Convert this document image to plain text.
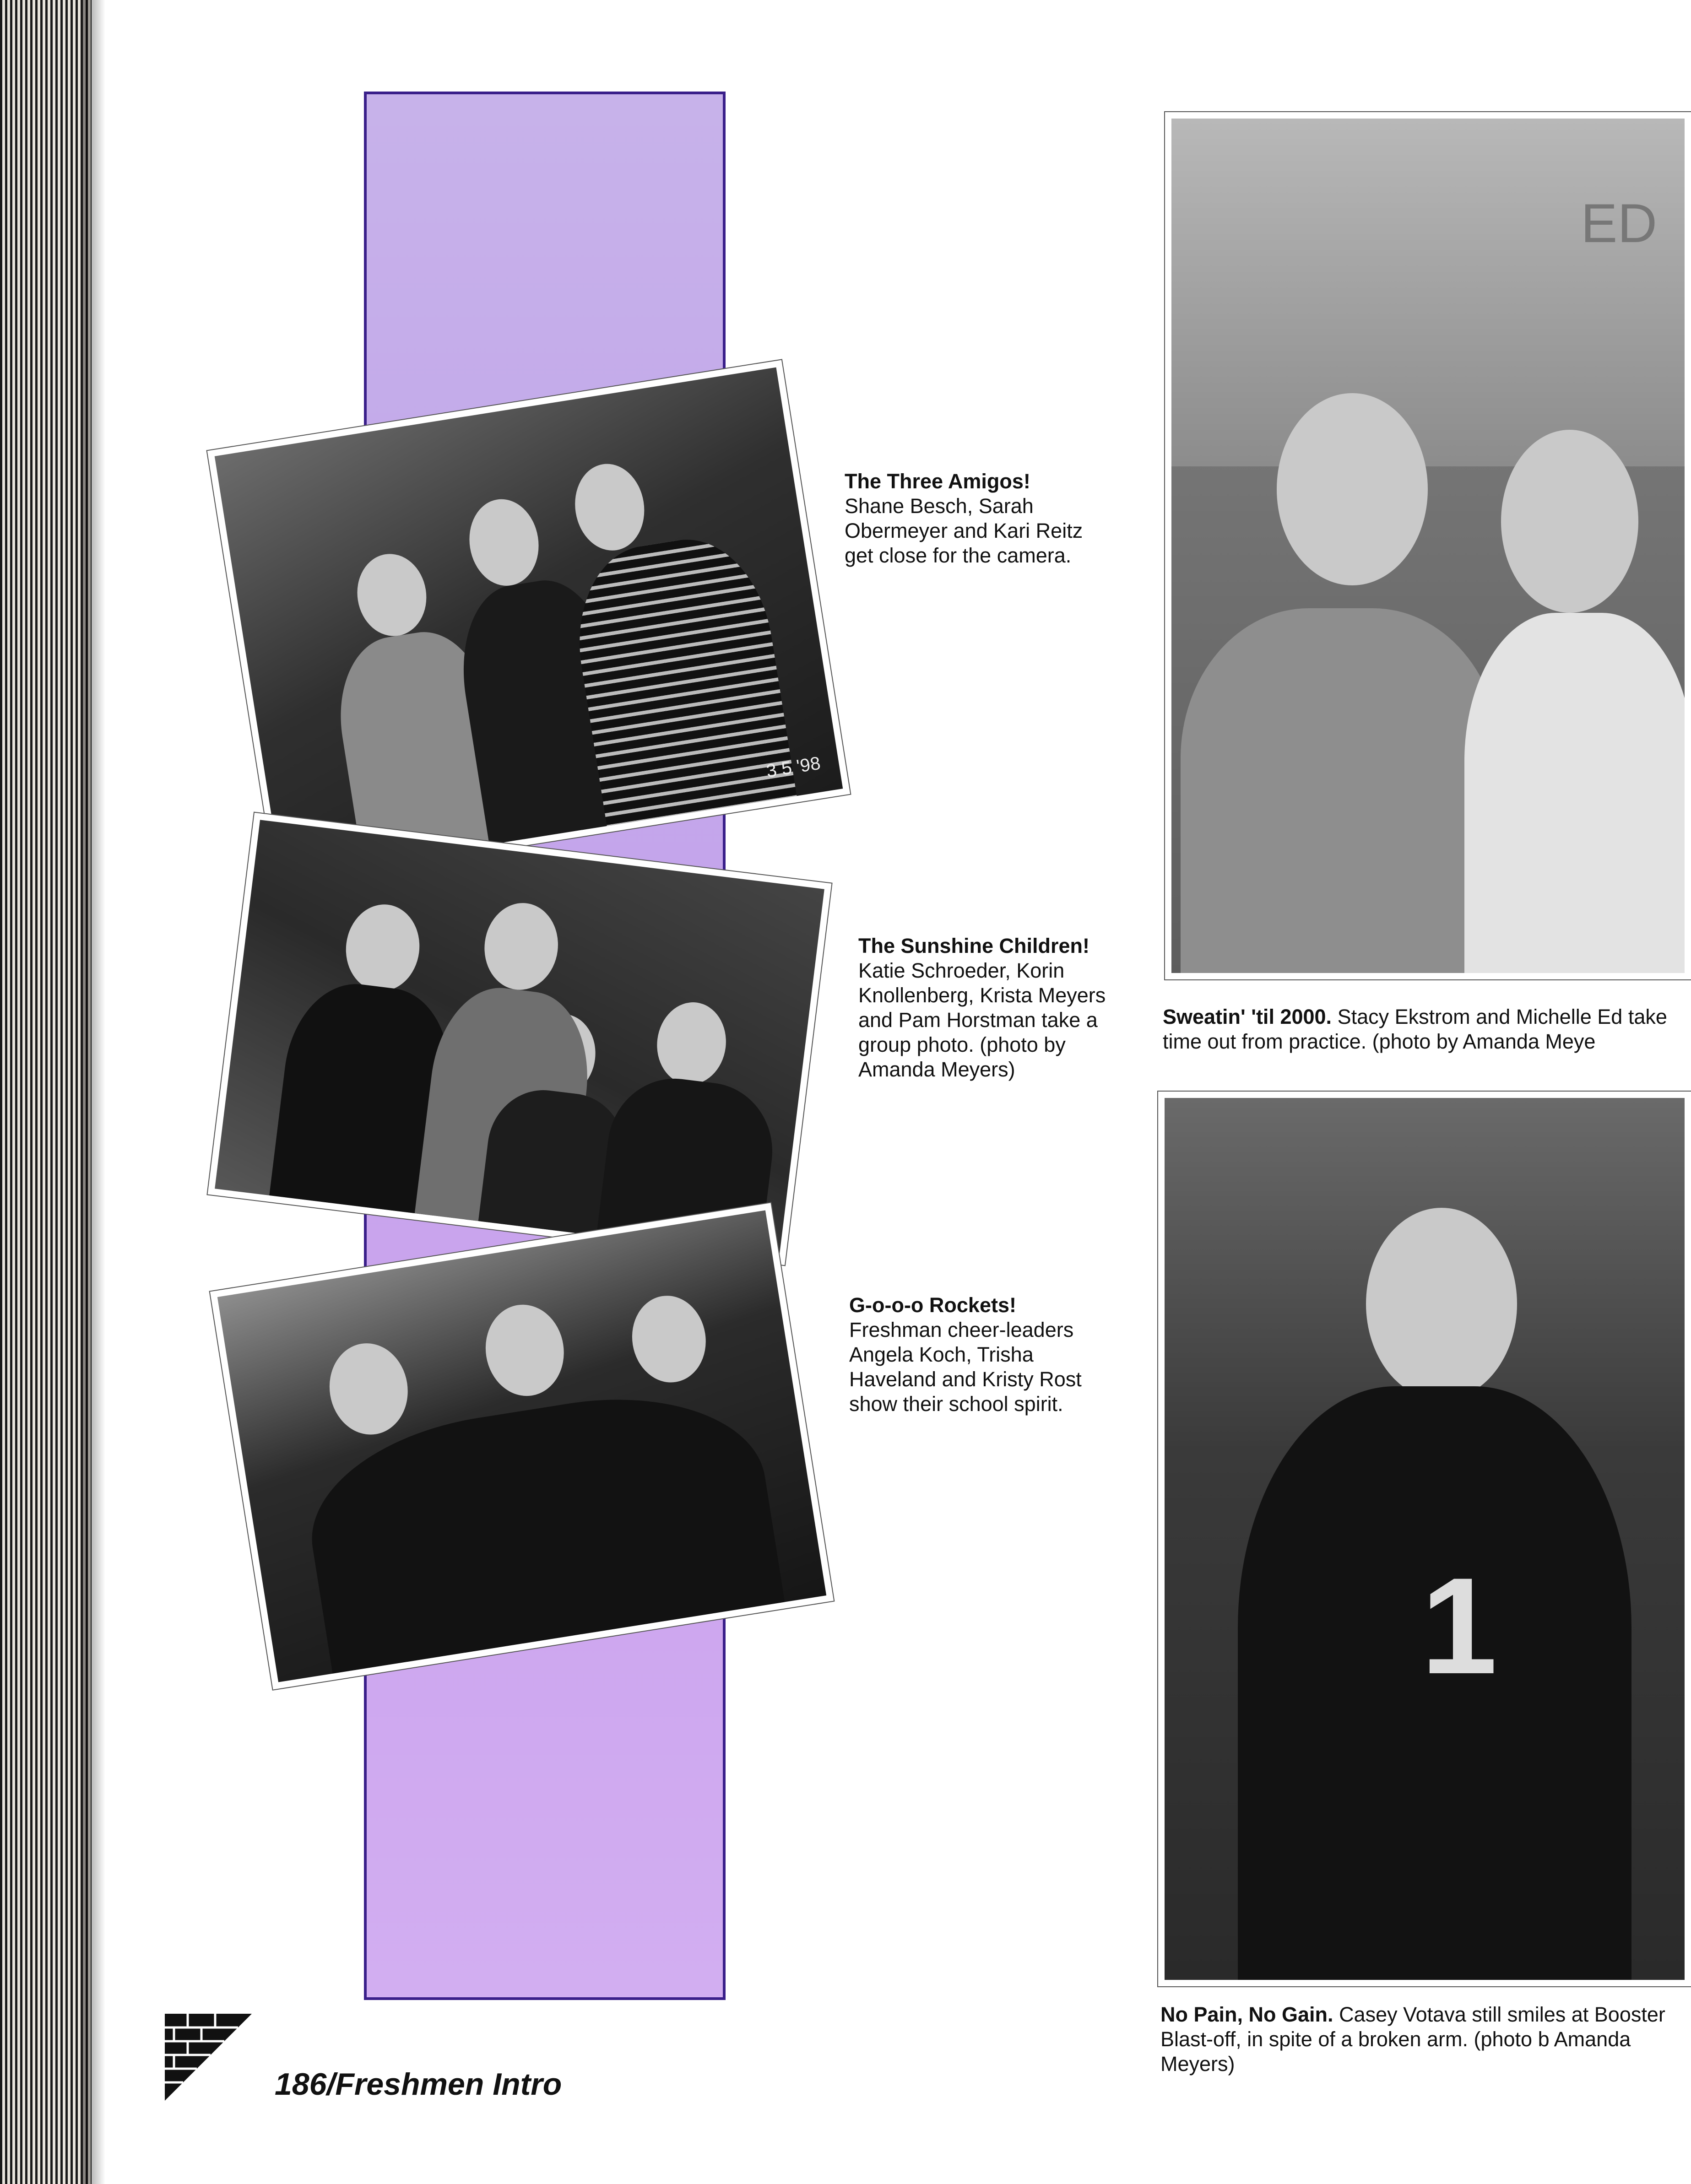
3 5 '98
ED
1
The Three Amigos!
Shane Besch, Sarah Obermeyer and Kari Reitz get close for the camera.
The Sunshine Children! Katie Schroeder, Korin Knollenberg, Krista Meyers and Pam Horstman take a group photo. (photo by Amanda Meyers)
G-o-o-o Rockets!
Freshman cheer-leaders Angela Koch, Trisha Haveland and Kristy Rost show their school spirit.
Sweatin' 'til 2000. Stacy Ekstrom and Michelle Ed take time out from practice. (photo by Amanda Meye
No Pain, No Gain. Casey Votava still smiles at Booster Blast-off, in spite of a broken arm. (photo b Amanda Meyers)
186/Freshmen Intro
